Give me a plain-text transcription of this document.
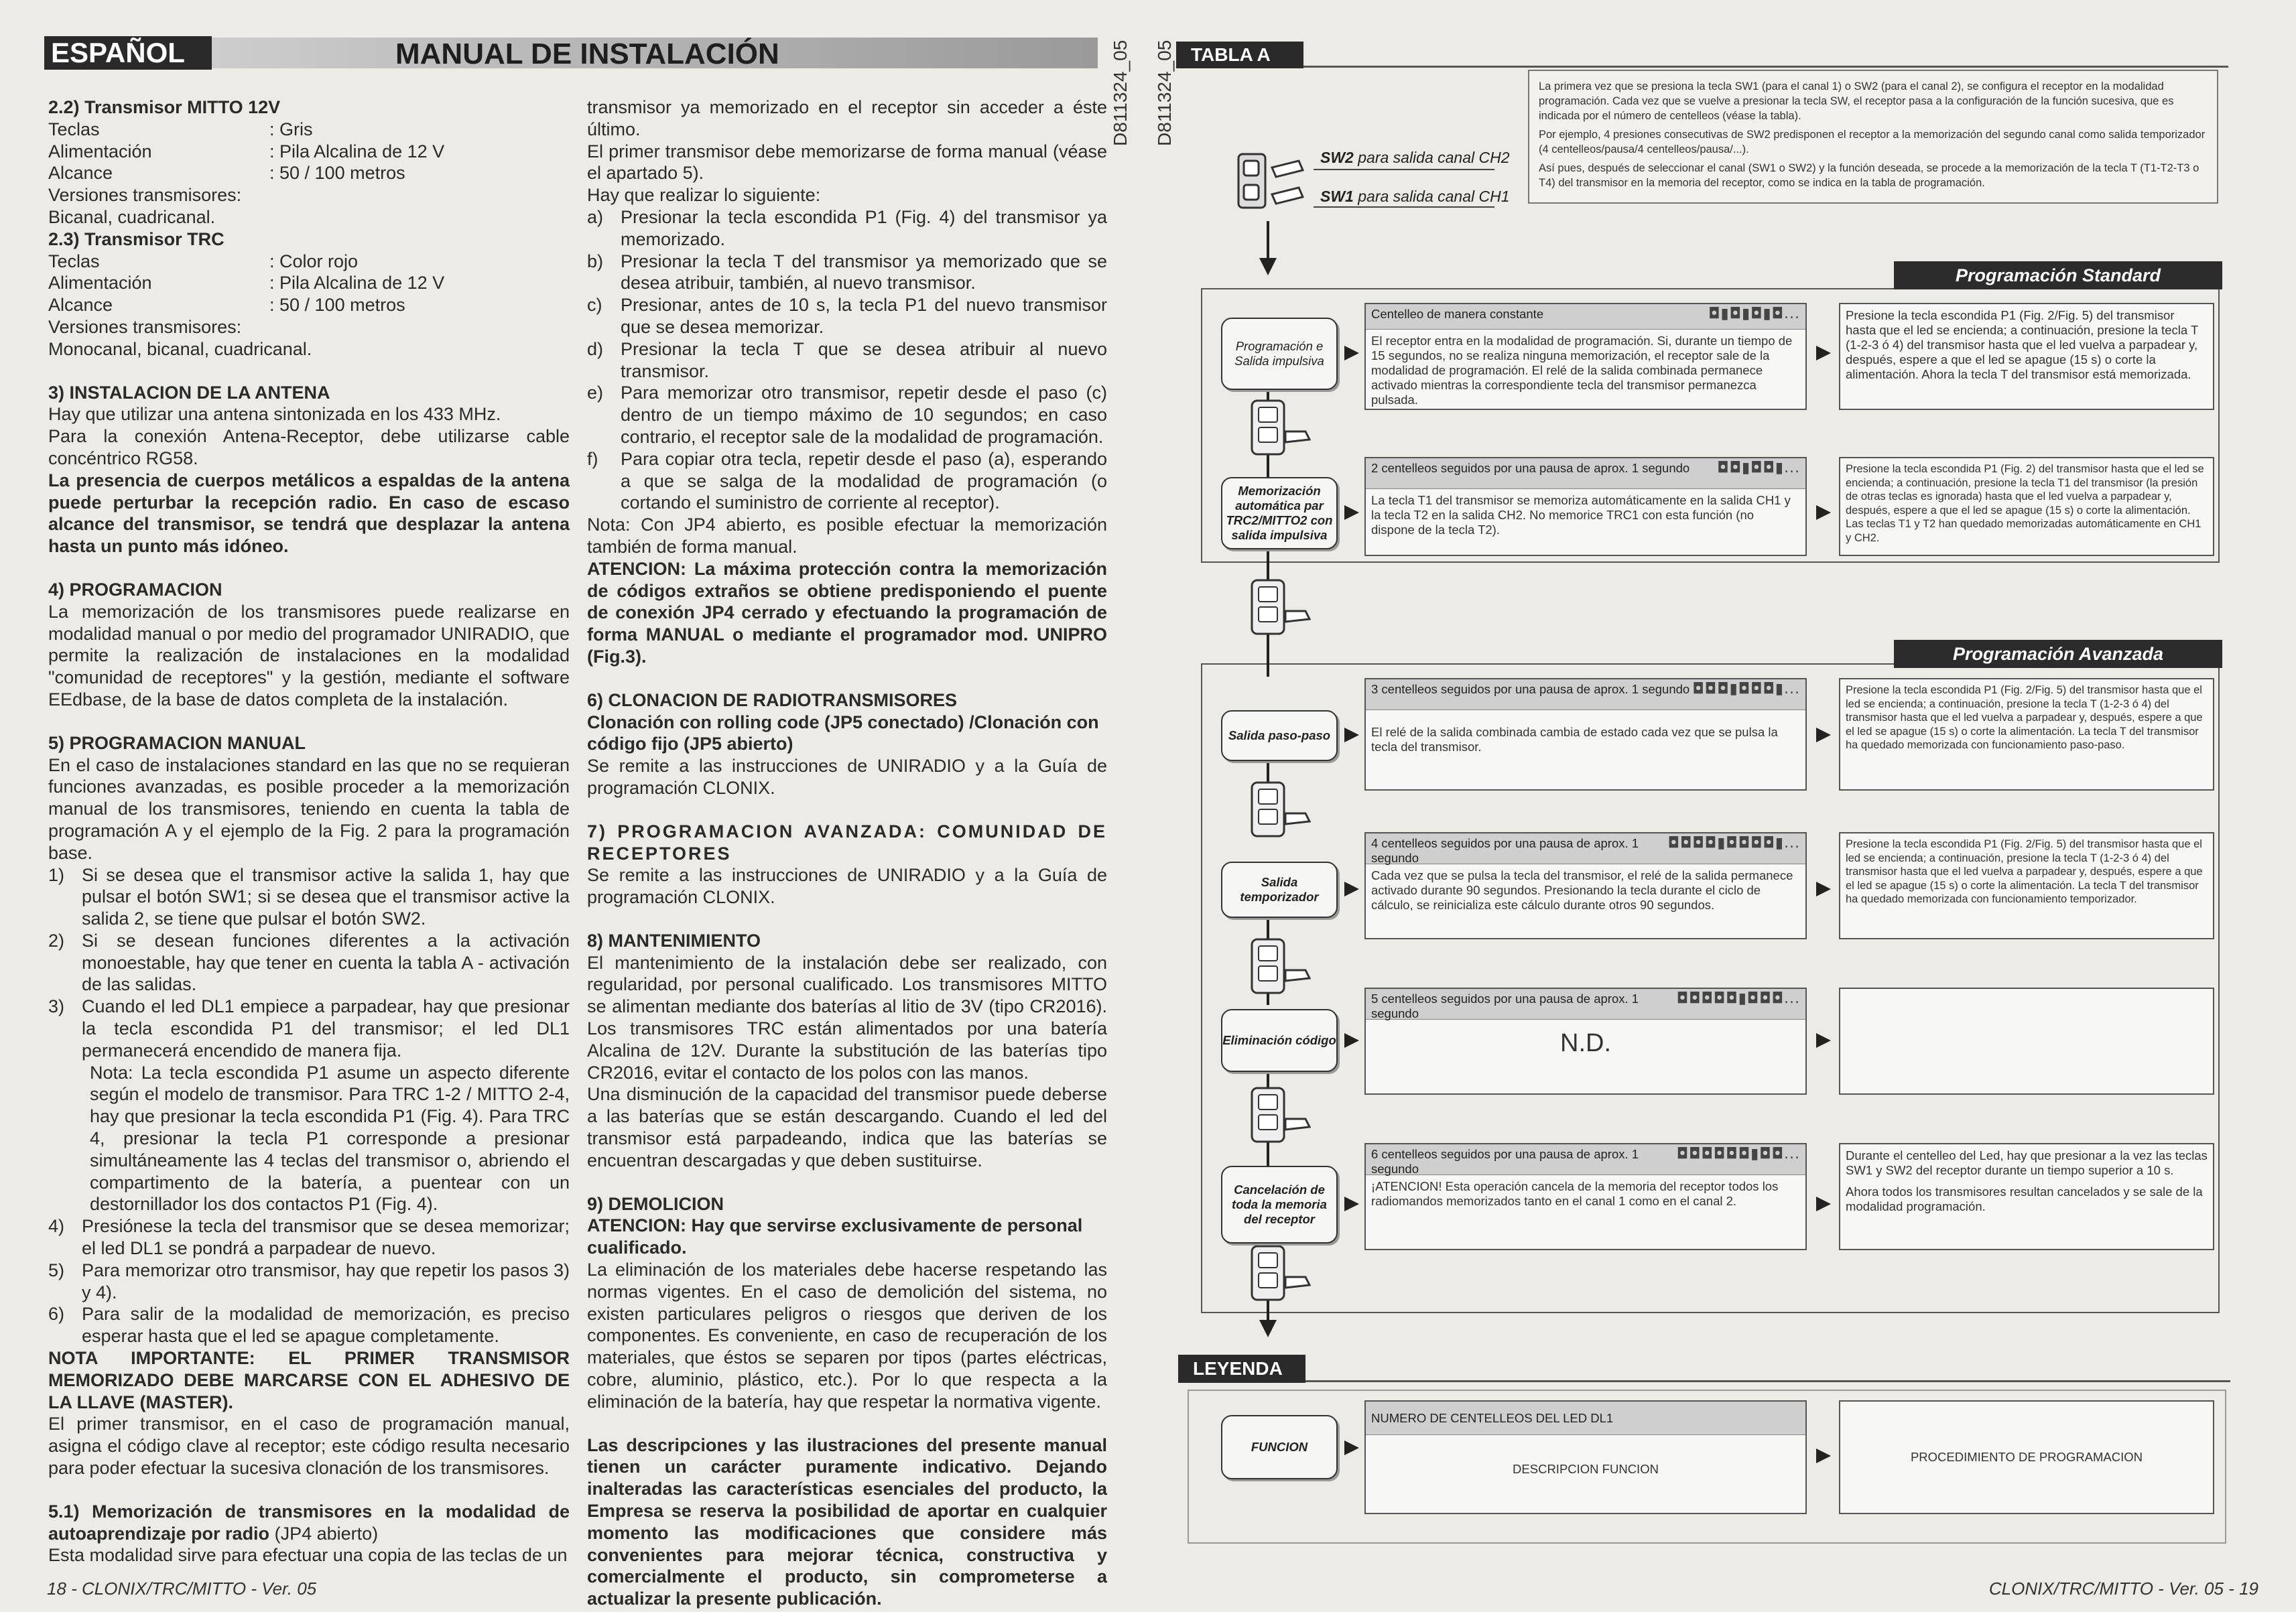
ESPAÑOL	MANUAL DE INSTALACIÓN	D811324_05 D811324_05
2.2) Transmisor MITTO 12V
Teclas	: Gris
Alimentación	: Pila Alcalina de 12 V
Alcance	: 50 / 100 metros

Versiones transmisores:

Bicanal, cuadricanal.

2.3) Transmisor TRC
Teclas	: Color rojo
Alimentación	: Pila Alcalina de 12 V
Alcance	: 50 / 100 metros

Versiones transmisores:

Monocanal, bicanal, cuadricanal.

3) INSTALACION DE LA ANTENA

Hay que utilizar una antena sintonizada en los 433 MHz.

Para la conexión Antena-Receptor, debe utilizarse cable concéntrico RG58.

La presencia de cuerpos metálicos a espaldas de la antena puede perturbar la recepción radio. En caso de escaso alcance del transmisor, se tendrá que desplazar la antena hasta un punto más idóneo.

4) PROGRAMACION

La memorización de los transmisores puede realizarse en modalidad manual o por medio del programador UNIRADIO, que permite la realización de instalaciones en la modalidad "comunidad de receptores" y la gestión, mediante el software EEdbase, de la base de datos completa de la instalación.

5) PROGRAMACION MANUAL

En el caso de instalaciones standard en las que no se requieran funciones avanzadas, es posible proceder a la memorización manual de los transmisores, teniendo en cuenta la tabla de programación A y el ejemplo de la Fig. 2 para la programación base.

1) Si se desea que el transmisor active la salida 1, hay que pulsar el botón SW1; si se desea que el transmisor active la salida 2, se tiene que pulsar el botón SW2.
2) Si se desean funciones diferentes a la activación monoestable, hay que tener en cuenta la tabla A - activación de las salidas.
3) Cuando el led DL1 empiece a parpadear, hay que presionar la tecla escondida P1 del transmisor; el led DL1 permanecerá encendido de manera fija.

Nota: La tecla escondida P1 asume un aspecto diferente según el modelo de transmisor. Para TRC 1-2 / MITTO 2-4, hay que presionar la tecla escondida P1 (Fig. 4). Para TRC 4, presionar la tecla P1 corresponde a presionar simultáneamente las 4 teclas del transmisor o, abriendo el compartimento de la batería, a puentear con un destornillador los dos contactos P1 (Fig. 4).

4) Presiónese la tecla del transmisor que se desea memorizar; el led DL1 se pondrá a parpadear de nuevo.
5) Para memorizar otro transmisor, hay que repetir los pasos 3) y 4).
6) Para salir de la modalidad de memorización, es preciso esperar hasta que el led se apague completamente.

NOTA IMPORTANTE: EL PRIMER TRANSMISOR MEMORIZADO DEBE MARCARSE CON EL ADHESIVO DE LA LLAVE (MASTER).

El primer transmisor, en el caso de programación manual, asigna el código clave al receptor; este código resulta necesario para poder efectuar la sucesiva clonación de los transmisores.

5.1) Memorización de transmisores en la modalidad de autoaprendizaje por radio (JP4 abierto)

Esta modalidad sirve para efectuar una copia de las teclas de un

transmisor ya memorizado en el receptor sin acceder a éste último.

El primer transmisor debe memorizarse de forma manual (véase el apartado 5).

Hay que realizar lo siguiente:

a) Presionar la tecla escondida P1 (Fig. 4) del transmisor ya memorizado.
b) Presionar la tecla T del transmisor ya memorizado que se desea atribuir, también, al nuevo transmisor.
c)	Presionar, antes de 10 s, la tecla P1 del nuevo transmisor que se desea memorizar.
d) Presionar la tecla T que se desea atribuir al nuevo transmisor.
e) Para memorizar otro transmisor, repetir desde el paso (c) dentro de un tiempo máximo de 10 segundos; en caso contrario, el receptor sale de la modalidad de programación.
f)	Para copiar otra tecla, repetir desde el paso (a), esperando a que se salga de la modalidad de programación (o cortando el suministro de corriente al receptor).

Nota: Con JP4 abierto, es posible efectuar la memorización también de forma manual.

ATENCION: La máxima protección contra la memorización de códigos extraños se obtiene predisponiendo el puente de conexión JP4 cerrado y efectuando la programación de forma MANUAL o mediante el programador mod. UNIPRO (Fig.3).

6) CLONACION DE RADIOTRANSMISORES

Clonación con rolling code (JP5 conectado) /Clonación con código fijo (JP5 abierto)

Se remite a las instrucciones de UNIRADIO y a la Guía de programación CLONIX.

7) PROGRAMACION AVANZADA: COMUNIDAD DE RECEPTORES

Se remite a las instrucciones de UNIRADIO y a la Guía de programación CLONIX.

8) MANTENIMIENTO

El mantenimiento de la instalación debe ser realizado, con regularidad, por personal cualificado. Los transmisores MITTO se alimentan mediante dos baterías al litio de 3V (tipo CR2016). Los transmisores TRC están alimentados por una batería Alcalina de 12V. Durante la substitución de las baterías tipo CR2016, evitar el contacto de los polos con las manos.

Una disminución de la capacidad del transmisor puede deberse a las baterías que se están descargando. Cuando el led del transmisor está parpadeando, indica que las baterías se encuentran descargadas y que deben sustituirse.

9) DEMOLICION

ATENCION: Hay que servirse exclusivamente de personal cualificado.

La eliminación de los materiales debe hacerse respetando las normas vigentes. En el caso de demolición del sistema, no existen particulares peligros o riesgos que deriven de los componentes. Es conveniente, en caso de recuperación de los materiales, que éstos se separen por tipos (partes eléctricas, cobre, aluminio, plástico, etc.). Por lo que respecta a la eliminación de la batería, hay que respetar la normativa vigente.

Las descripciones y las ilustraciones del presente manual tienen un carácter puramente indicativo. Dejando inalteradas las características esenciales del producto, la Empresa se reserva la posibilidad de aportar en cualquier momento las modificaciones que considere más convenientes para mejorar técnica, constructiva y comercialmente el producto, sin comprometerse a actualizar la presente publicación.

18 - CLONIX/TRC/MITTO - Ver. 05
TABLA A

La primera vez que se presiona la tecla SW1 (para el canal 1) o SW2 (para el canal 2), se configura el receptor en la modalidad programación. Cada vez que se vuelve a presionar la tecla SW, el receptor pasa a la configuración de la función sucesiva, que es indicada por el número de centelleos (véase la tabla).

Por ejemplo, 4 presiones consecutivas de SW2 predisponen el receptor a la memorización del segundo canal como salida temporizador (4 centelleos/pausa/4 centelleos/pausa/...).

Así pues, después de seleccionar el canal (SW1 o SW2) y la función deseada, se procede a la memorización de la tecla T (T1-T2-T3 o T4) del transmisor en la memoria del receptor, como se indica en la tabla de programación.

SW2 para salida canal CH2
SW1 para salida canal CH1
Programación Standard
Programación Avanzada
Programación e Salida impulsiva
Centelleo de manera constante	◘▮◘▮◘▮◘...
El receptor entra en la modalidad de programación. Si, durante un tiempo de 15 segundos, no se realiza ninguna memorización, el receptor sale de la modalidad de programación. El relé de la salida combinada permanece activado mientras la correspondiente tecla del transmisor permanezca pulsada.
Presione la tecla escondida P1 (Fig. 2/Fig. 5) del transmisor hasta que el led se encienda; a continuación, presione la tecla T (1-2-3 ó 4) del transmisor hasta que el led vuelva a parpadear y, después, espere a que el led se apague (15 s) o corte la alimentación. Ahora la tecla T del transmisor está memorizada.
Memorización automática par TRC2/MITTO2 con salida impulsiva
2 centelleos seguidos por una pausa de aprox. 1 segundo ◘◘▮◘◘▮...
La tecla T1 del transmisor se memoriza automáticamente en la salida CH1 y la tecla T2 en la salida CH2. No memorice TRC1 con esta función (no dispone de la tecla T2).
Presione la tecla escondida P1 (Fig. 2) del transmisor hasta que el led se encienda; a continuación, presione la tecla T1 del transmisor (la presión de otras teclas es ignorada) hasta que el led vuelva a parpadear y, después, espere a que el led se apague (15 s) o corte la alimentación. Las teclas T1 y T2 han quedado memorizadas automáticamente en CH1 y CH2.
Salida paso-paso
3 centelleos seguidos por una pausa de aprox. 1 segundo ◘◘◘▮◘◘◘▮...
El relé de la salida combinada cambia de estado cada vez que se pulsa la tecla del transmisor.
Presione la tecla escondida P1 (Fig. 2/Fig. 5) del transmisor hasta que el led se encienda; a continuación, presione la tecla T (1-2-3 ó 4) del transmisor hasta que el led vuelva a parpadear y, después, espere a que el led se apague (15 s) o corte la alimentación. La tecla T del transmisor ha quedado memorizada con funcionamiento paso-paso.
Salida temporizador
4 centelleos seguidos por una pausa de aprox. 1 segundo
◘◘◘◘▮◘◘◘◘▮...
Cada vez que se pulsa la tecla del transmisor, el relé de la salida permanece activado durante 90 segundos. Presionando la tecla durante el ciclo de cálculo, se reinicializa este cálculo durante otros 90 segundos.
Presione la tecla escondida P1 (Fig. 2/Fig. 5) del transmisor hasta que el led se encienda; a continuación, presione la tecla T (1-2-3 ó 4) del transmisor hasta que el led vuelva a parpadear y, después, espere a que el led se apague (15 s) o corte la alimentación. La tecla T del transmisor ha quedado memorizada con funcionamiento temporizador.
Eliminación código
5 centelleos seguidos por una pausa de aprox. 1 segundo
◘◘◘◘◘▮◘◘◘...
N.D.
Cancelación de toda la memoria del receptor
6 centelleos seguidos por una pausa de aprox. 1 segundo
◘◘◘◘◘◘▮◘◘...
¡ATENCION! Esta operación cancela de la memoria del receptor todos los radiomandos memorizados tanto en el canal 1 como en el canal 2.
Durante el centelleo del Led, hay que presionar a la vez las teclas SW1 y SW2 del receptor durante un tiempo superior a 10 s.
Ahora todos los transmisores resultan cancelados y se sale de la modalidad programación.
LEYENDA
FUNCION
NUMERO DE CENTELLEOS DEL LED DL1
DESCRIPCION FUNCION
PROCEDIMIENTO DE PROGRAMACION
CLONIX/TRC/MITTO - Ver. 05 - 19
